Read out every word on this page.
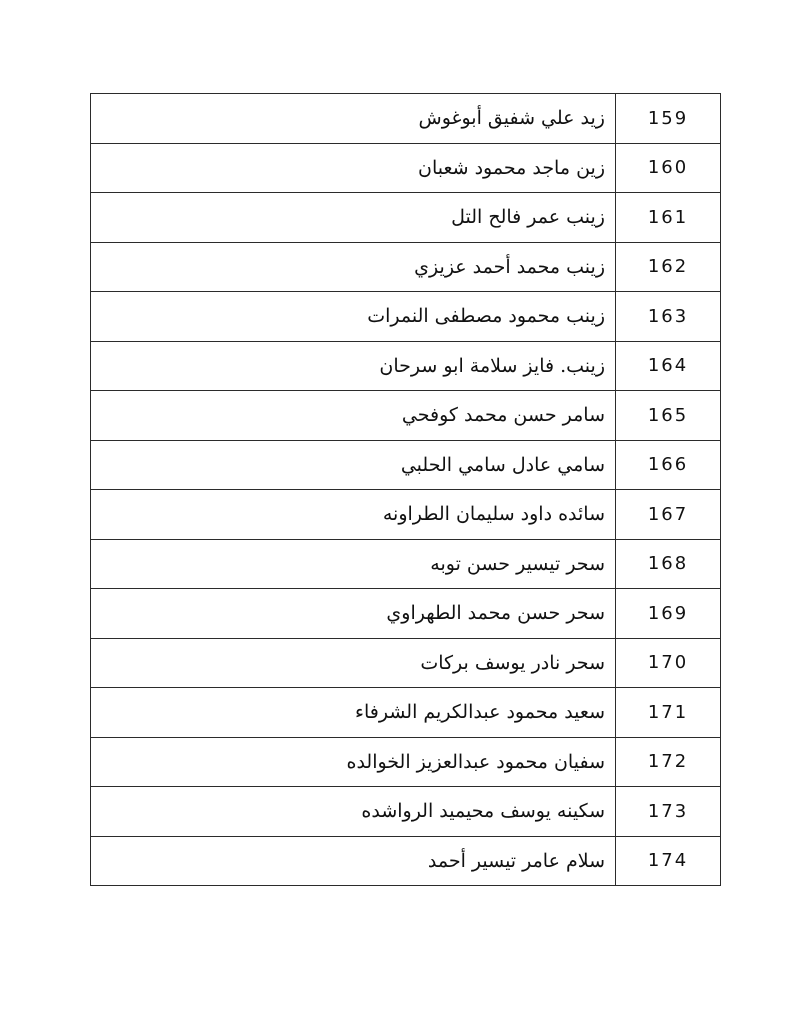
159	زيد علي شفيق أبوغوش
160	زين ماجد محمود شعبان
161	زينب عمر فالح التل
162	زينب محمد أحمد عزيزي
163	زينب محمود مصطفى النمرات
164	زينب. فايز سلامة ابو سرحان
165	سامر حسن محمد كوفحي
166	سامي عادل سامي الحلبي
167	سائده داود سليمان الطراونه
168	سحر تيسير حسن توبه
169	سحر حسن محمد الطهراوي
170	سحر نادر يوسف بركات
171	سعيد محمود عبدالكريم الشرفاء
172	سفيان محمود عبدالعزيز الخوالده
173	سكينه يوسف محيميد الرواشده
174	سلام عامر تيسير أحمد
